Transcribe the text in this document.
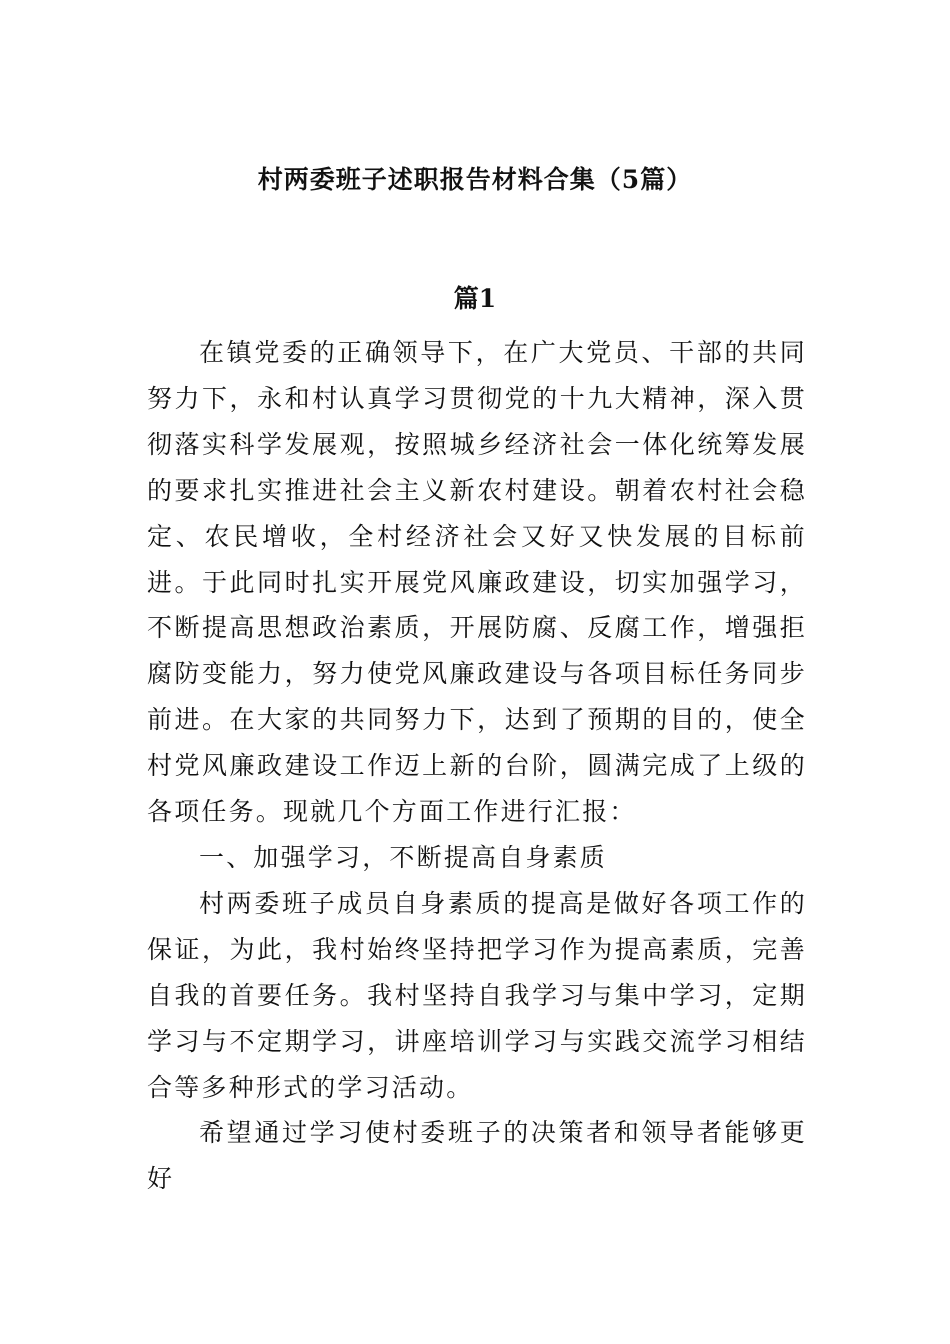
村两委班子述职报告材料合集（5篇）
篇1

在镇党委的正确领导下，在广大党员、干部的共同努力下，永和村认真学习贯彻党的十九大精神，深入贯彻落实科学发展观，按照城乡经济社会一体化统筹发展的要求扎实推进社会主义新农村建设。朝着农村社会稳定、农民增收，全村经济社会又好又快发展的目标前进。于此同时扎实开展党风廉政建设，切实加强学习，不断提高思想政治素质，开展防腐、反腐工作，增强拒腐防变能力，努力使党风廉政建设与各项目标任务同步前进。在大家的共同努力下，达到了预期的目的，使全村党风廉政建设工作迈上新的台阶，圆满完成了上级的各项任务。现就几个方面工作进行汇报：

一、加强学习，不断提高自身素质

村两委班子成员自身素质的提高是做好各项工作的保证，为此，我村始终坚持把学习作为提高素质，完善自我的首要任务。我村坚持自我学习与集中学习，定期学习与不定期学习，讲座培训学习与实践交流学习相结合等多种形式的学习活动。

希望通过学习使村委班子的决策者和领导者能够更好
